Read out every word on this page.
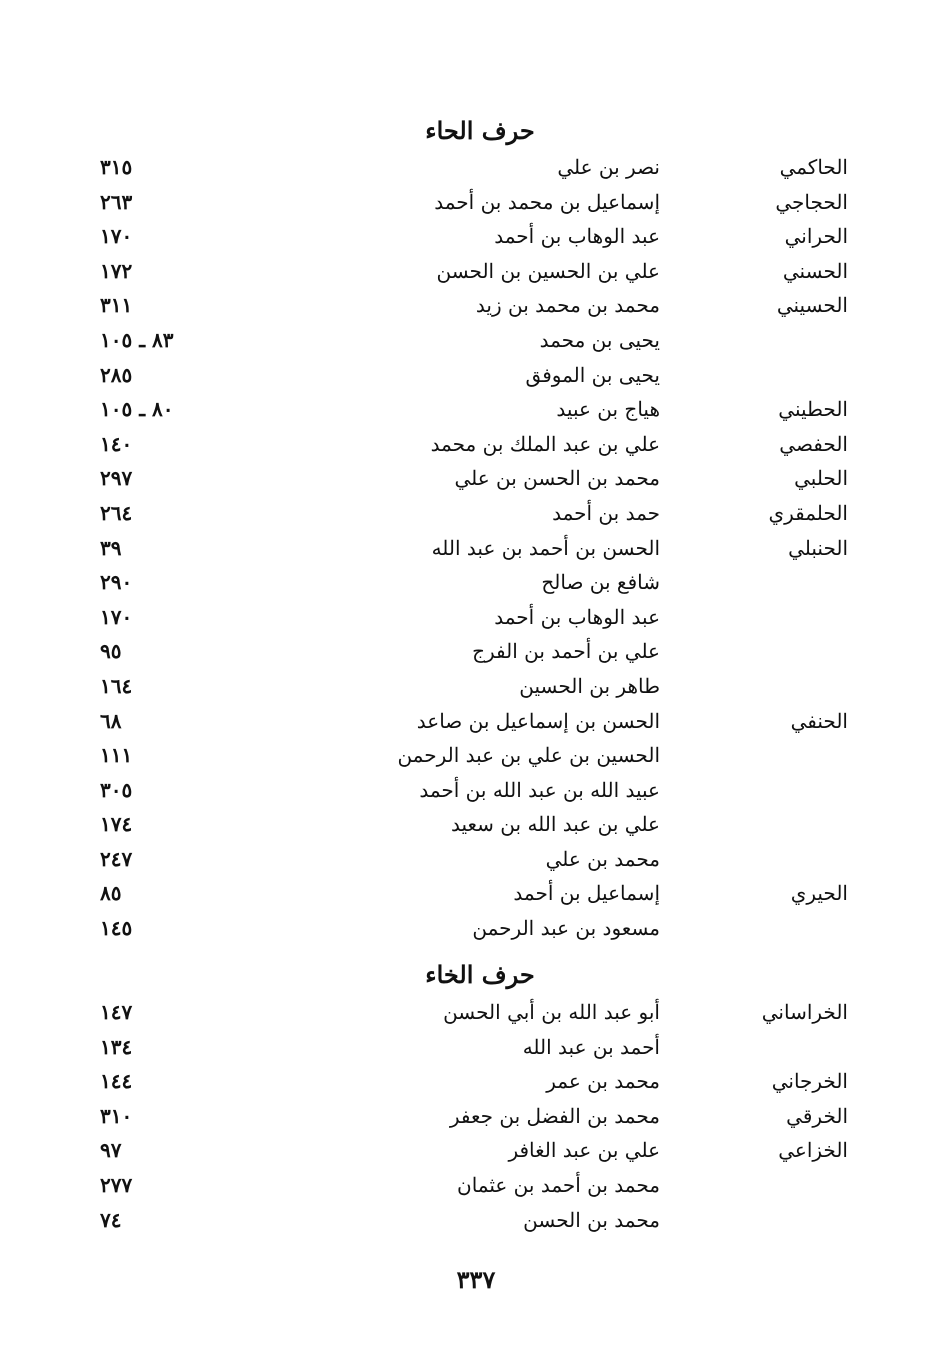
حرف الحاء
الحاكمي
نصر بن علي
٣١٥
الحجاجي
إسماعيل بن محمد بن أحمد
٢٦٣
الحراني
عبد الوهاب بن أحمد
١٧٠
الحسني
علي بن الحسين بن الحسن
١٧٢
الحسيني
محمد بن محمد بن زيد
٣١١
يحيى بن محمد
٨٣ ـ ١٠٥
يحيى بن الموفق
٢٨٥
الحطيني
هياج بن عبيد
٨٠ ـ ١٠٥
الحفصي
علي بن عبد الملك بن محمد
١٤٠
الحلبي
محمد بن الحسن بن علي
٢٩٧
الحلمقري
حمد بن أحمد
٢٦٤
الحنبلي
الحسن بن أحمد بن عبد الله
٣٩
شافع بن صالح
٢٩٠
عبد الوهاب بن أحمد
١٧٠
علي بن أحمد بن الفرج
٩٥
طاهر بن الحسين
١٦٤
الحنفي
الحسن بن إسماعيل بن صاعد
٦٨
الحسين بن علي بن عبد الرحمن
١١١
عبيد الله بن عبد الله بن أحمد
٣٠٥
علي بن عبد الله بن سعيد
١٧٤
محمد بن علي
٢٤٧
الحيري
إسماعيل بن أحمد
٨٥
مسعود بن عبد الرحمن
١٤٥
حرف الخاء
الخراساني
أبو عبد الله بن أبي الحسن
١٤٧
أحمد بن عبد الله
١٣٤
الخرجاني
محمد بن عمر
١٤٤
الخرقي
محمد بن الفضل بن جعفر
٣١٠
الخزاعي
علي بن عبد الغافر
٩٧
محمد بن أحمد بن عثمان
٢٧٧
محمد بن الحسن
٧٤
٣٣٧
